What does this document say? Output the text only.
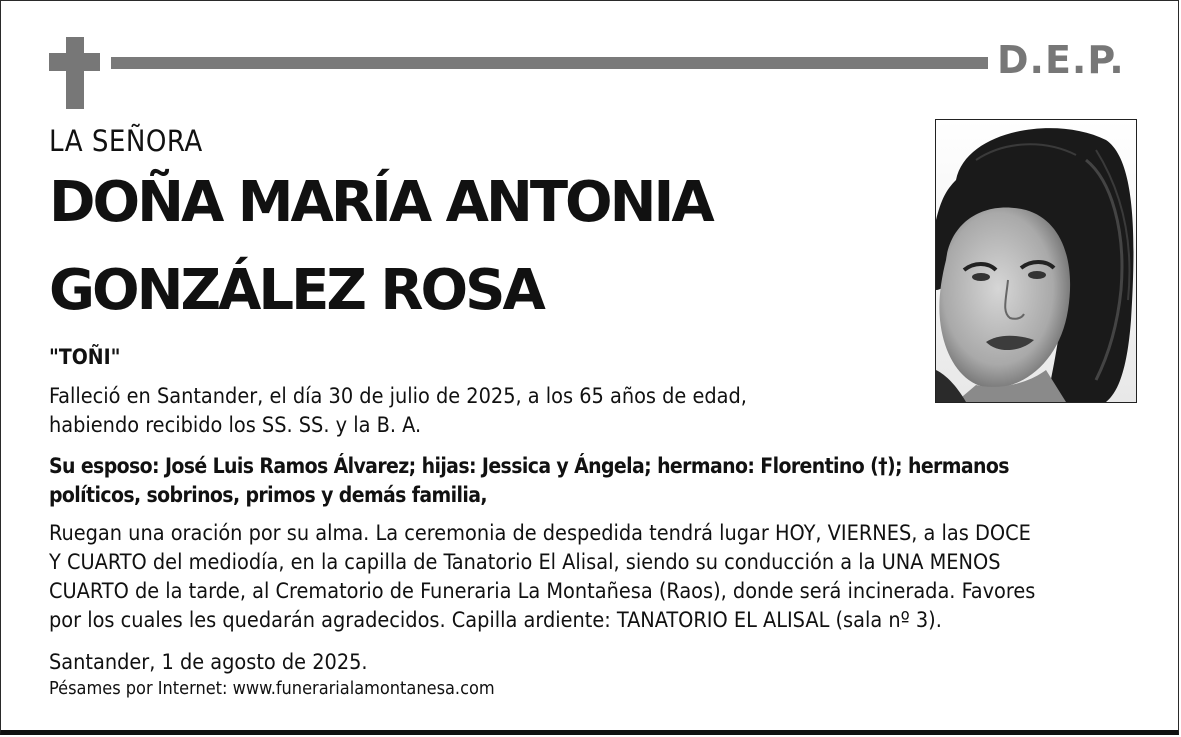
D.E.P.
LA SEÑORA
DOÑA MARÍA ANTONIA
GONZÁLEZ ROSA
"TOÑI"
Falleció en Santander, el día 30 de julio de 2025, a los 65 años de edad,
habiendo recibido los SS. SS. y la B. A.
Su esposo: José Luis Ramos Álvarez; hijas: Jessica y Ángela; hermano: Florentino (†); hermanos
políticos, sobrinos, primos y demás familia,
Ruegan una oración por su alma. La ceremonia de despedida tendrá lugar HOY, VIERNES, a las DOCE
Y CUARTO del mediodía, en la capilla de Tanatorio El Alisal, siendo su conducción a la UNA MENOS
CUARTO de la tarde, al Crematorio de Funeraria La Montañesa (Raos), donde será incinerada. Favores
por los cuales les quedarán agradecidos. Capilla ardiente: TANATORIO EL ALISAL (sala nº 3).
Santander, 1 de agosto de 2025.
Pésames por Internet: www.funerarialamontanesa.com
